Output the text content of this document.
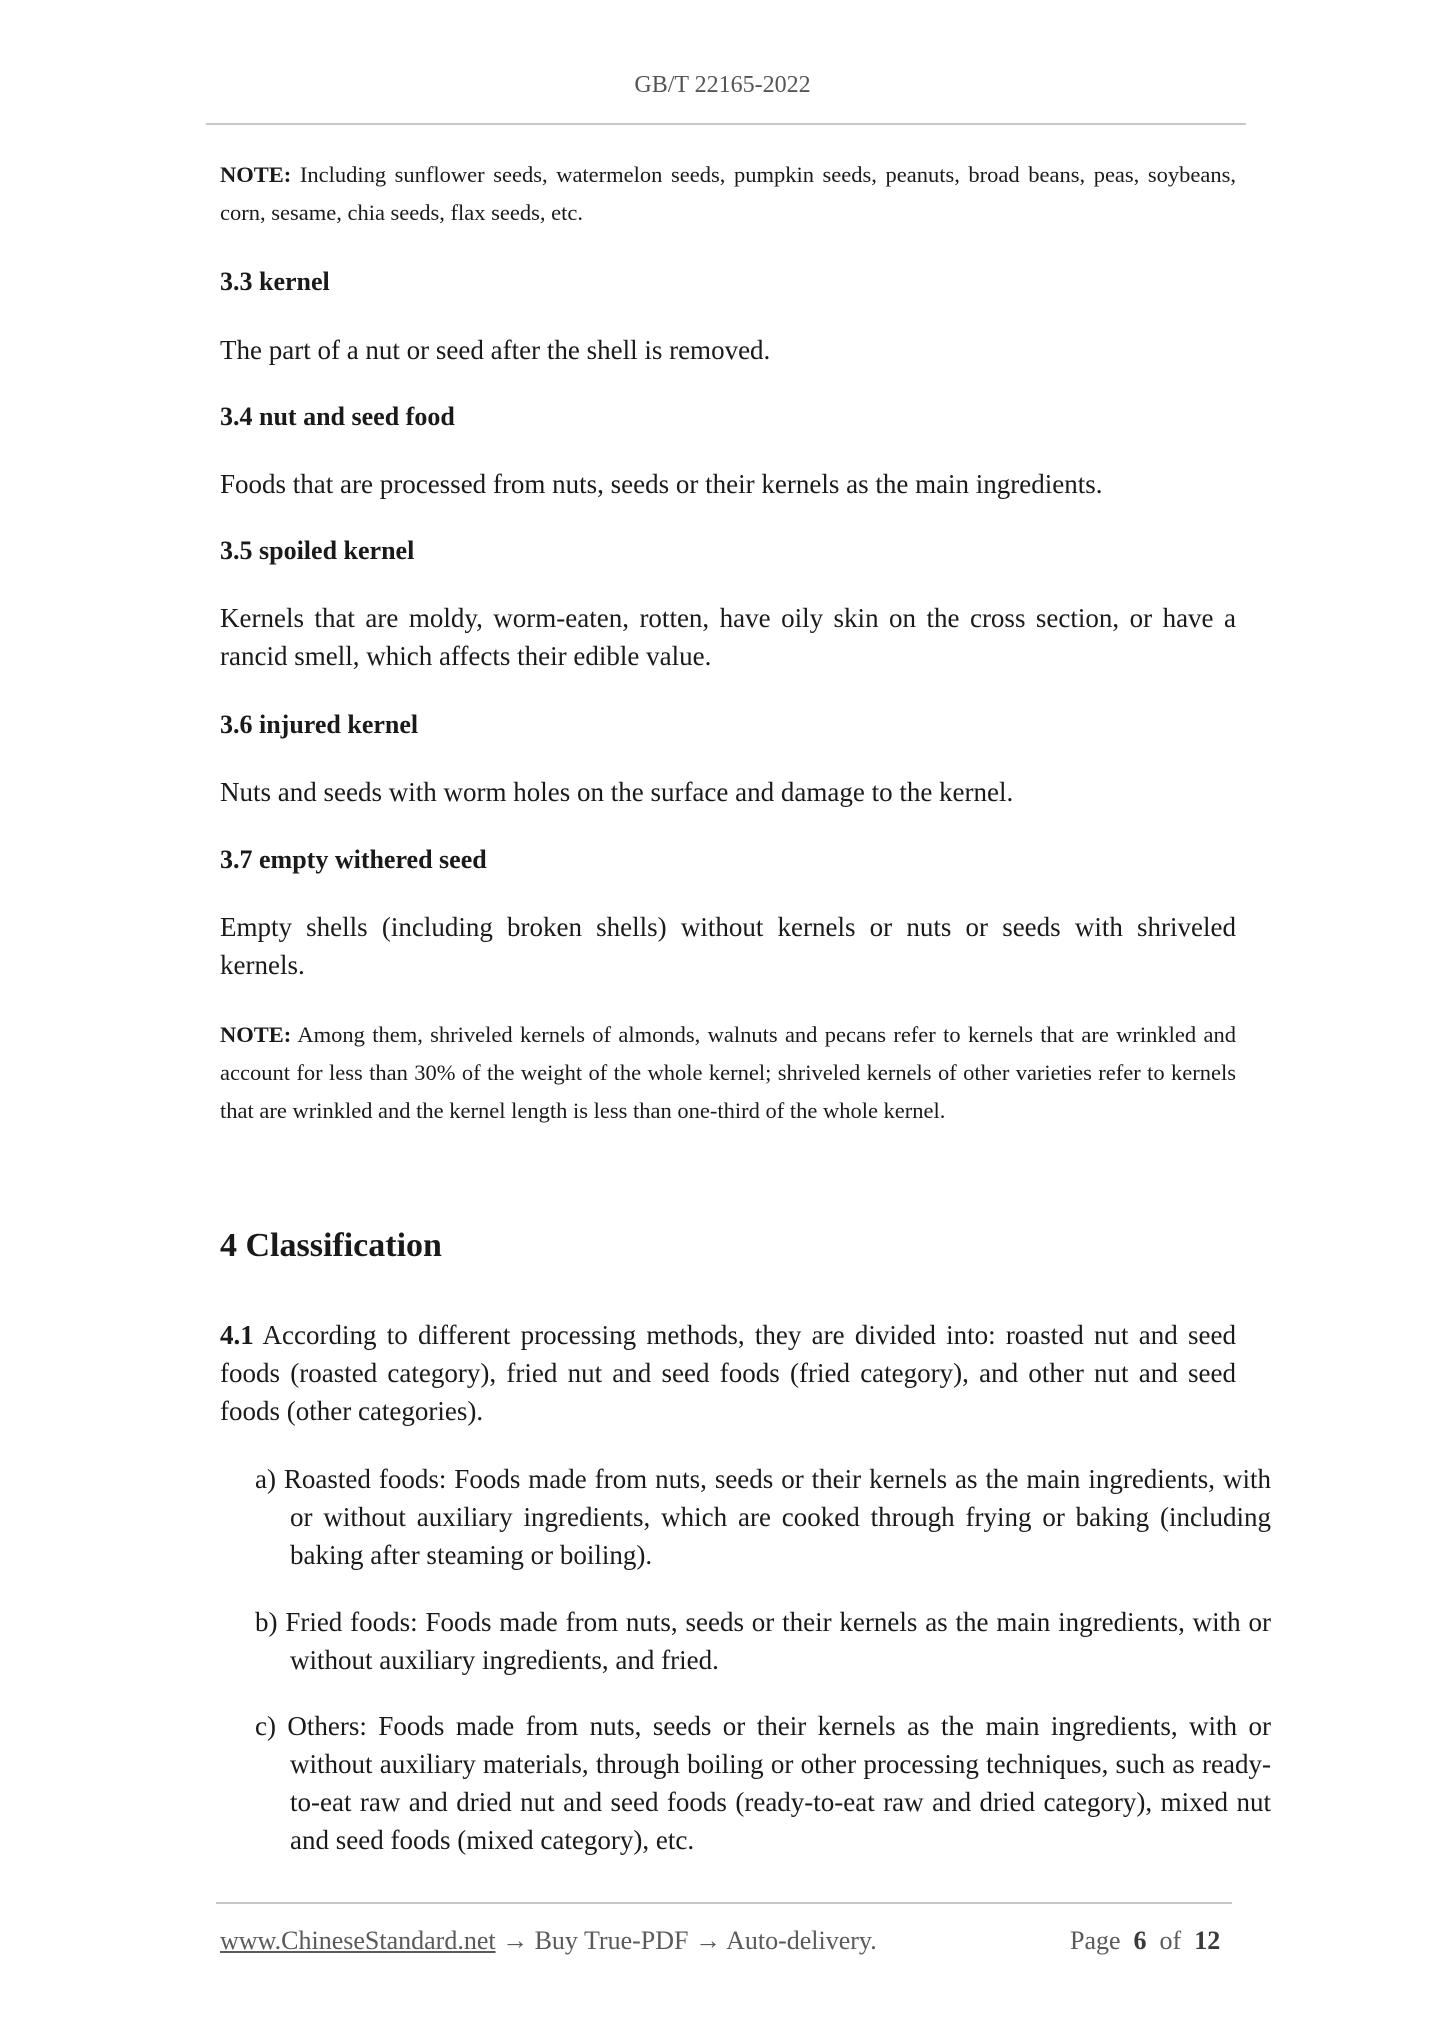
GB/T 22165-2022
NOTE: Including sunflower seeds, watermelon seeds, pumpkin seeds, peanuts, broad beans, peas, soybeans, corn, sesame, chia seeds, flax seeds, etc.
3.3 kernel
The part of a nut or seed after the shell is removed.
3.4 nut and seed food
Foods that are processed from nuts, seeds or their kernels as the main ingredients.
3.5 spoiled kernel
Kernels that are moldy, worm-eaten, rotten, have oily skin on the cross section, or have a rancid smell, which affects their edible value.
3.6 injured kernel
Nuts and seeds with worm holes on the surface and damage to the kernel.
3.7 empty withered seed
Empty shells (including broken shells) without kernels or nuts or seeds with shriveled kernels.
NOTE: Among them, shriveled kernels of almonds, walnuts and pecans refer to kernels that are wrinkled and account for less than 30% of the weight of the whole kernel; shriveled kernels of other varieties refer to kernels that are wrinkled and the kernel length is less than one-third of the whole kernel.
4 Classification
4.1 According to different processing methods, they are divided into: roasted nut and seed foods (roasted category), fried nut and seed foods (fried category), and other nut and seed foods (other categories).
a) Roasted foods: Foods made from nuts, seeds or their kernels as the main ingredients, with or without auxiliary ingredients, which are cooked through frying or baking (including baking after steaming or boiling).
b) Fried foods: Foods made from nuts, seeds or their kernels as the main ingredients, with or without auxiliary ingredients, and fried.
c) Others: Foods made from nuts, seeds or their kernels as the main ingredients, with or without auxiliary materials, through boiling or other processing techniques, such as ready-to-eat raw and dried nut and seed foods (ready-to-eat raw and dried category), mixed nut and seed foods (mixed category), etc.
www.ChineseStandard.net → Buy True-PDF → Auto-delivery.	Page 6 of 12
